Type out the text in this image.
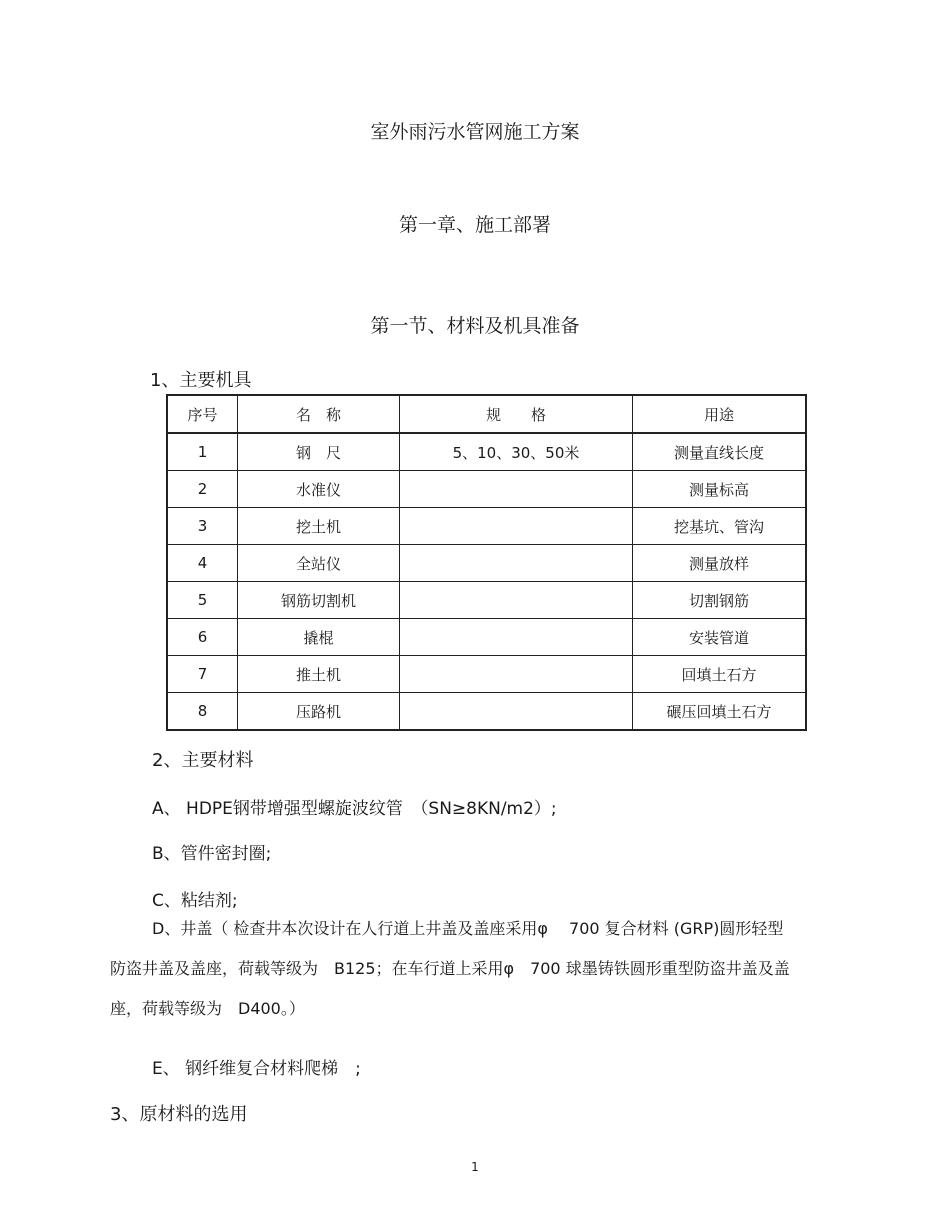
室外雨污水管网施工方案
第一章、施工部署
第一节、材料及机具准备
1、主要机具
序号	名　称	规　　格	用途
1	钢　尺	5、10、30、50米	测量直线长度
2	水准仪		测量标高
3	挖土机		挖基坑、管沟
4	全站仪		测量放样
5	钢筋切割机		切割钢筋
6	撬棍		安装管道
7	推土机		回填土石方
8	压路机		碾压回填土石方
2、主要材料
A、 HDPE钢带增强型螺旋波纹管　（SN≥8KN/m2）;
B、管件密封圈;
C、粘结剂;
D、井盖（ 检查井本次设计在人行道上井盖及盖座采用φ　 700 复合材料 (GRP)圆形轻型
防盗井盖及盖座，荷载等级为　B125；在车行道上采用φ　700 球墨铸铁圆形重型防盗井盖及盖
座，荷载等级为　D400。）
E、 钢纤维复合材料爬梯　;
3、原材料的选用
1
